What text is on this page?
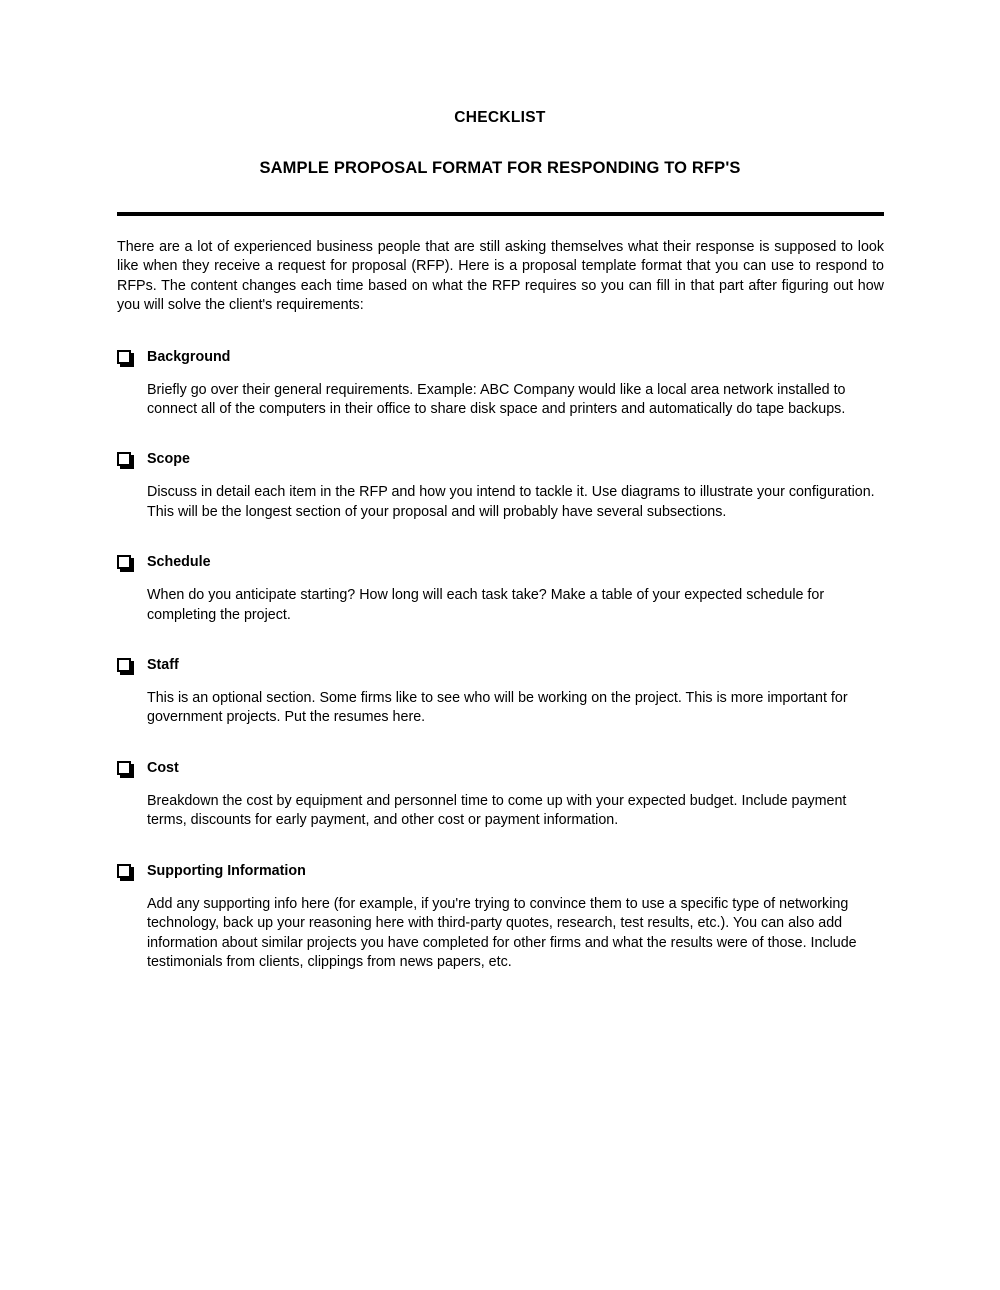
CHECKLIST
SAMPLE PROPOSAL FORMAT FOR RESPONDING TO RFP'S

There are a lot of experienced business people that are still asking themselves what their response is supposed to look like when they receive a request for proposal (RFP). Here is a proposal template format that you can use to respond to RFPs. The content changes each time based on what the RFP requires so you can fill in that part after figuring out how you will solve the client's requirements:

Background

Briefly go over their general requirements. Example: ABC Company would like a local area network installed to connect all of the computers in their office to share disk space and printers and automatically do tape backups.

Scope

Discuss in detail each item in the RFP and how you intend to tackle it. Use diagrams to illustrate your configuration. This will be the longest section of your proposal and will probably have several subsections.

Schedule

When do you anticipate starting? How long will each task take? Make a table of your expected schedule for completing the project.

Staff

This is an optional section. Some firms like to see who will be working on the project. This is more important for government projects. Put the resumes here.

Cost

Breakdown the cost by equipment and personnel time to come up with your expected budget. Include payment terms, discounts for early payment, and other cost or payment information.

Supporting Information

Add any supporting info here (for example, if you're trying to convince them to use a specific type of networking technology, back up your reasoning here with third-party quotes, research, test results, etc.). You can also add information about similar projects you have completed for other firms and what the results were of those. Include testimonials from clients, clippings from news papers, etc.
